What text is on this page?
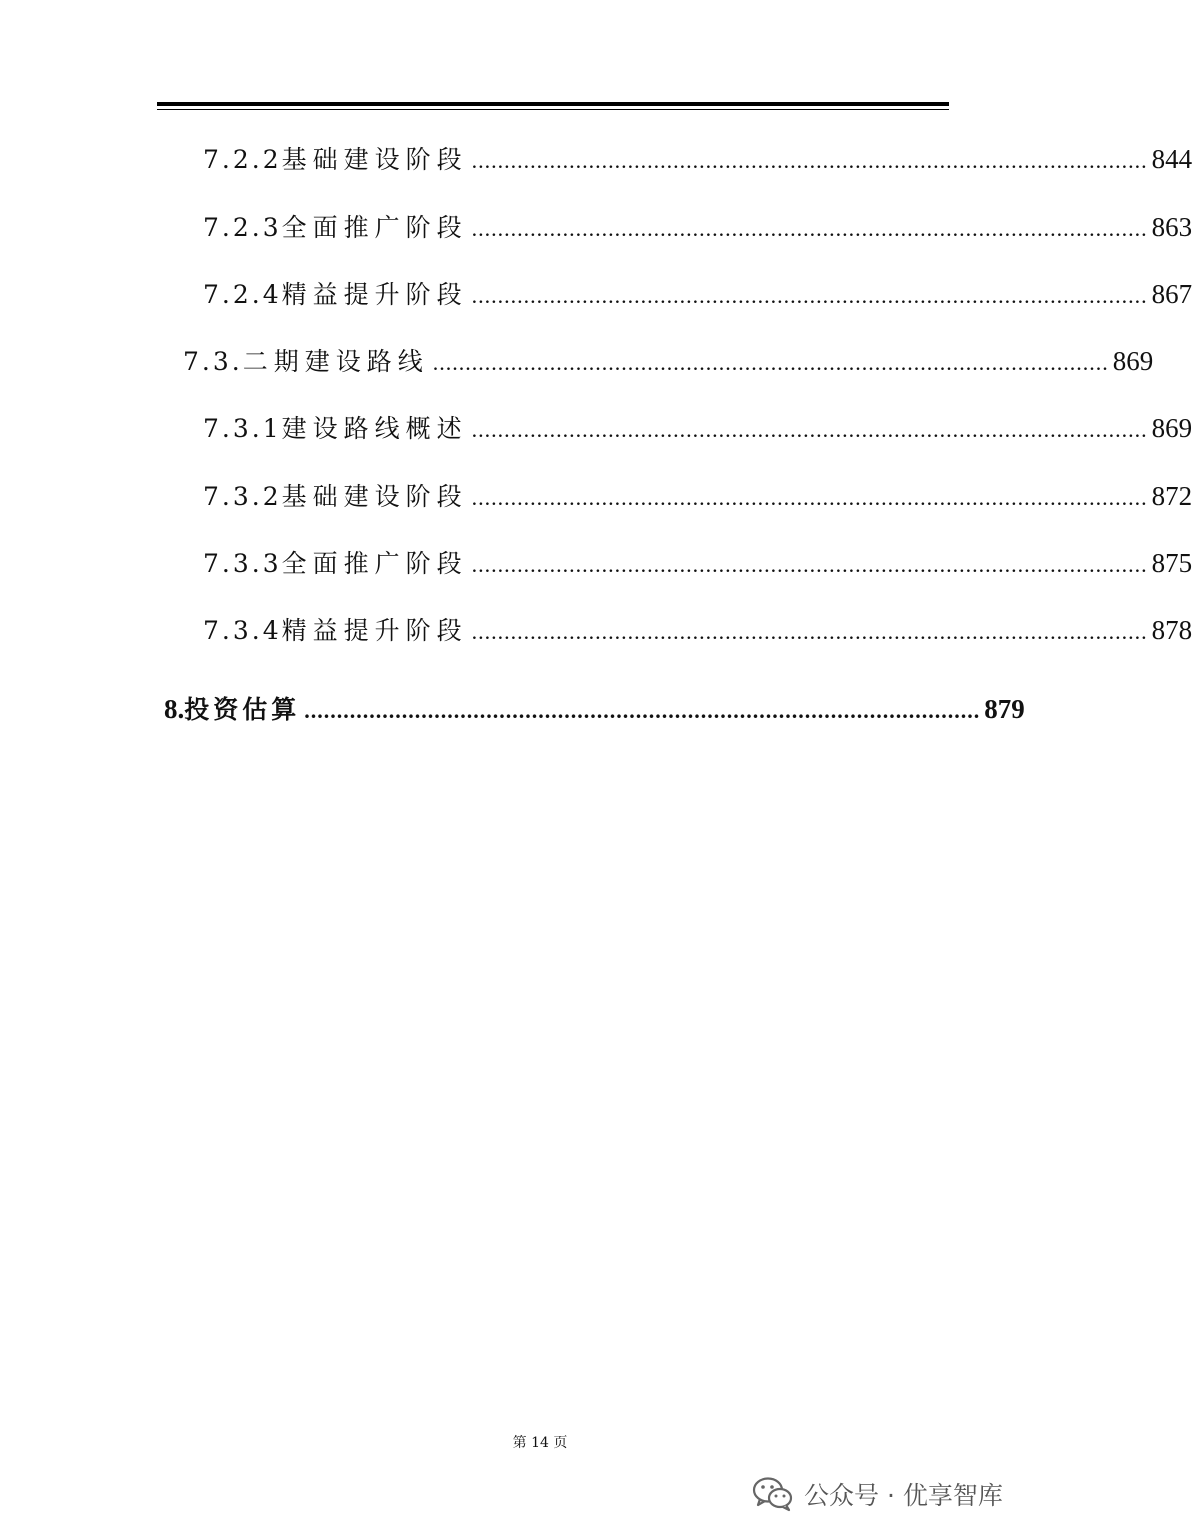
7.2.2 基础建设阶段 ........................................................................................................ 844
7.2.3 全面推广阶段 ........................................................................................................ 863
7.2.4 精益提升阶段 ........................................................................................................ 867
7.3. 二期建设路线 ........................................................................................................ 869
7.3.1 建设路线概述 ........................................................................................................ 869
7.3.2 基础建设阶段 ........................................................................................................ 872
7.3.3 全面推广阶段 ........................................................................................................ 875
7.3.4 精益提升阶段 ........................................................................................................ 878
8. 投资估算 ........................................................................................................ 879
第 14 页
公众号 · 优享智库
